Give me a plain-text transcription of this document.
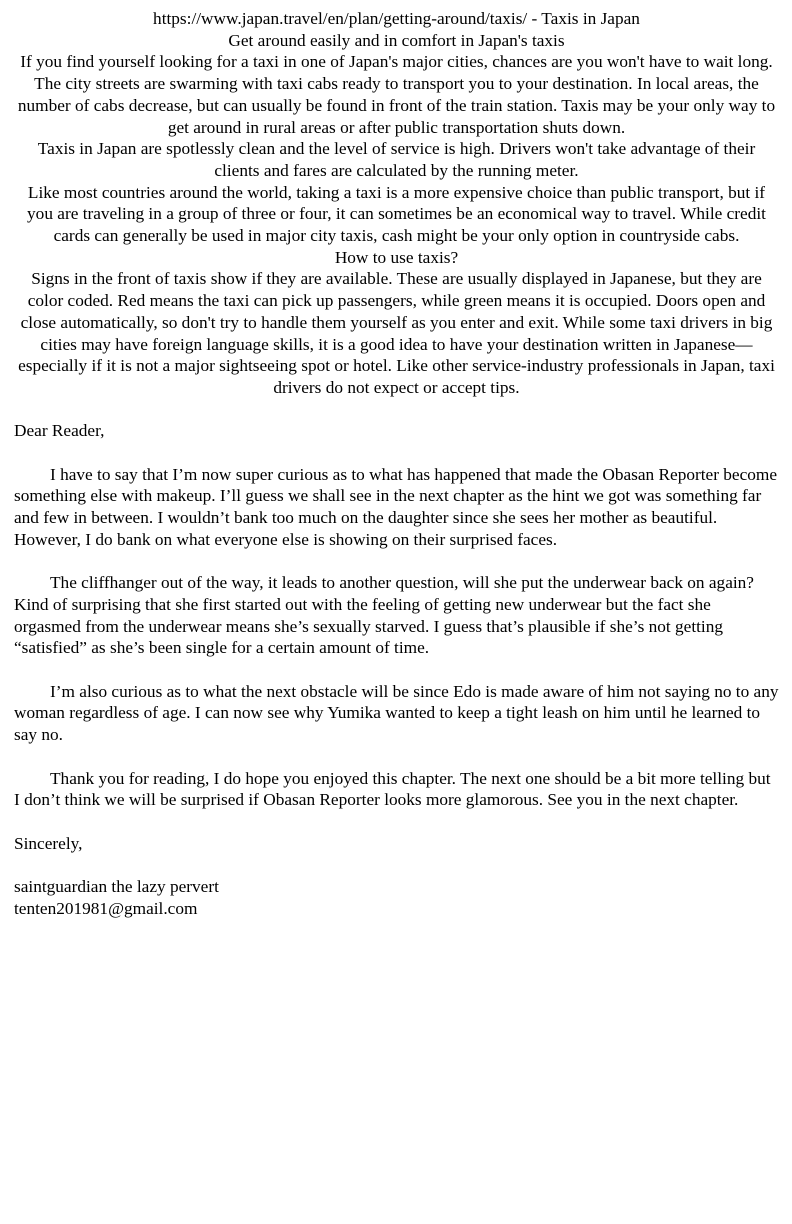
https://www.japan.travel/en/plan/getting-around/taxis/ - Taxis in Japan

Get around easily and in comfort in Japan's taxis

If you find yourself looking for a taxi in one of Japan's major cities, chances are you won't have to wait long. The city streets are swarming with taxi cabs ready to transport you to your destination. In local areas, the number of cabs decrease, but can usually be found in front of the train station. Taxis may be your only way to get around in rural areas or after public transportation shuts down.

Taxis in Japan are spotlessly clean and the level of service is high. Drivers won't take advantage of their clients and fares are calculated by the running meter.

Like most countries around the world, taking a taxi is a more expensive choice than public transport, but if you are traveling in a group of three or four, it can sometimes be an economical way to travel. While credit cards can generally be used in major city taxis, cash might be your only option in countryside cabs.

How to use taxis?

Signs in the front of taxis show if they are available. These are usually displayed in Japanese, but they are color coded. Red means the taxi can pick up passengers, while green means it is occupied. Doors open and close automatically, so don't try to handle them yourself as you enter and exit. While some taxi drivers in big cities may have foreign language skills, it is a good idea to have your destination written in Japanese—especially if it is not a major sightseeing spot or hotel. Like other service-industry professionals in Japan, taxi drivers do not expect or accept tips.

Dear Reader,

I have to say that I’m now super curious as to what has happened that made the Obasan Reporter become something else with makeup. I’ll guess we shall see in the next chapter as the hint we got was something far and few in between. I wouldn’t bank too much on the daughter since she sees her mother as beautiful. However, I do bank on what everyone else is showing on their surprised faces.

The cliffhanger out of the way, it leads to another question, will she put the underwear back on again? Kind of surprising that she first started out with the feeling of getting new underwear but the fact she orgasmed from the underwear means she’s sexually starved. I guess that’s plausible if she’s not getting “satisfied” as she’s been single for a certain amount of time.

I’m also curious as to what the next obstacle will be since Edo is made aware of him not saying no to any woman regardless of age. I can now see why Yumika wanted to keep a tight leash on him until he learned to say no.

Thank you for reading, I do hope you enjoyed this chapter. The next one should be a bit more telling but I don’t think we will be surprised if Obasan Reporter looks more glamorous. See you in the next chapter.

Sincerely,

saintguardian the lazy pervert

tenten201981@gmail.com
